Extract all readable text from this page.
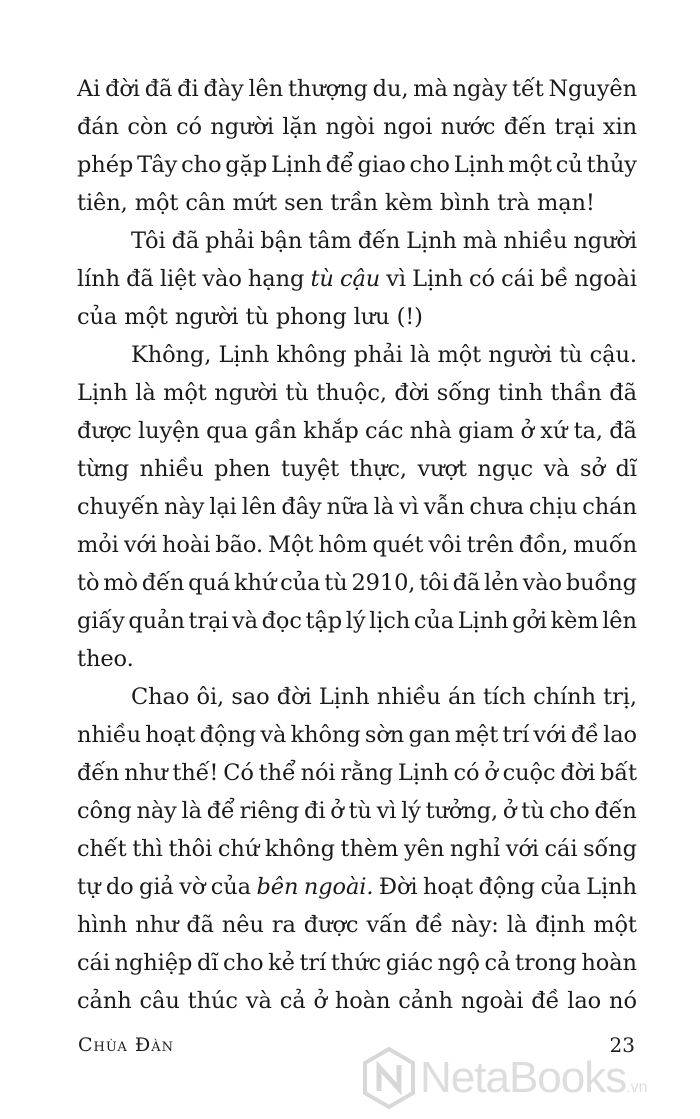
Ai đời đã đi đày lên thượng du, mà ngày tết Nguyên
đán còn có người lặn ngòi ngoi nước đến trại xin
phép Tây cho gặp Lịnh để giao cho Lịnh một củ thủy
tiên, một cân mứt sen trần kèm bình trà mạn!
Tôi đã phải bận tâm đến Lịnh mà nhiều người
lính đã liệt vào hạng tù cậu vì Lịnh có cái bề ngoài
của một người tù phong lưu (!)
Không, Lịnh không phải là một người tù cậu.
Lịnh là một người tù thuộc, đời sống tinh thần đã
được luyện qua gần khắp các nhà giam ở xứ ta, đã
từng nhiều phen tuyệt thực, vượt ngục và sở dĩ
chuyến này lại lên đây nữa là vì vẫn chưa chịu chán
mỏi với hoài bão. Một hôm quét vôi trên đồn, muốn
tò mò đến quá khứ của tù 2910, tôi đã lẻn vào buồng
giấy quản trại và đọc tập lý lịch của Lịnh gởi kèm lên
theo.
Chao ôi, sao đời Lịnh nhiều án tích chính trị,
nhiều hoạt động và không sờn gan mệt trí với đề lao
đến như thế! Có thể nói rằng Lịnh có ở cuộc đời bất
công này là để riêng đi ở tù vì lý tưởng, ở tù cho đến
chết thì thôi chứ không thèm yên nghỉ với cái sống
tự do giả vờ của bên ngoài. Đời hoạt động của Lịnh
hình như đã nêu ra được vấn đề này: là định một
cái nghiệp dĩ cho kẻ trí thức giác ngộ cả trong hoàn
cảnh câu thúc và cả ở hoàn cảnh ngoài đề lao nó
Chùa Đàn	23
NetaBooks .vn
